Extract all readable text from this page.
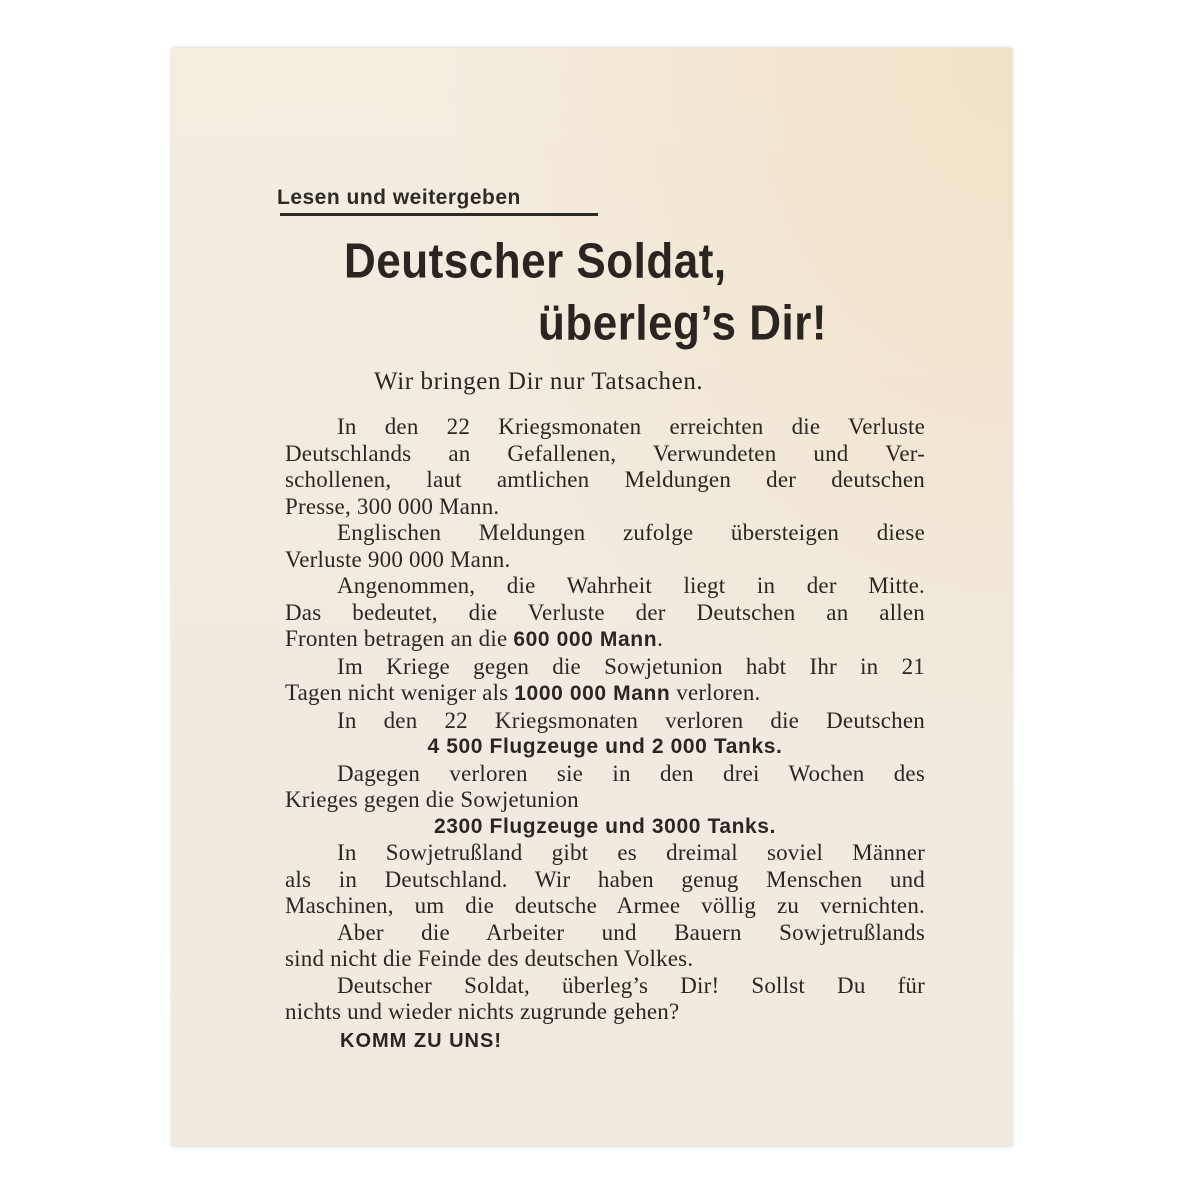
Lesen und weitergeben
Deutscher Soldat,
überleg’s Dir!
Wir bringen Dir nur Tatsachen.
In den 22 Kriegsmonaten erreichten die Verluste
Deutschlands an Gefallenen, Verwundeten und Ver-
schollenen, laut amtlichen Meldungen der deutschen
Presse, 300 000 Mann.
Englischen Meldungen zufolge übersteigen diese
Verluste 900 000 Mann.
Angenommen, die Wahrheit liegt in der Mitte.
Das bedeutet, die Verluste der Deutschen an allen
Fronten betragen an die 600 000 Mann.
Im Kriege gegen die Sowjetunion habt Ihr in 21
Tagen nicht weniger als 1000 000 Mann verloren.
In den 22 Kriegsmonaten verloren die Deutschen
4 500 Flugzeuge und 2 000 Tanks.
Dagegen verloren sie in den drei Wochen des
Krieges gegen die Sowjetunion
2300 Flugzeuge und 3000 Tanks.
In Sowjetrußland gibt es dreimal soviel Männer
als in Deutschland. Wir haben genug Menschen und
Maschinen, um die deutsche Armee völlig zu vernichten.
Aber die Arbeiter und Bauern Sowjetrußlands
sind nicht die Feinde des deutschen Volkes.
Deutscher Soldat, überleg’s Dir! Sollst Du für
nichts und wieder nichts zugrunde gehen?
KOMM ZU UNS!
